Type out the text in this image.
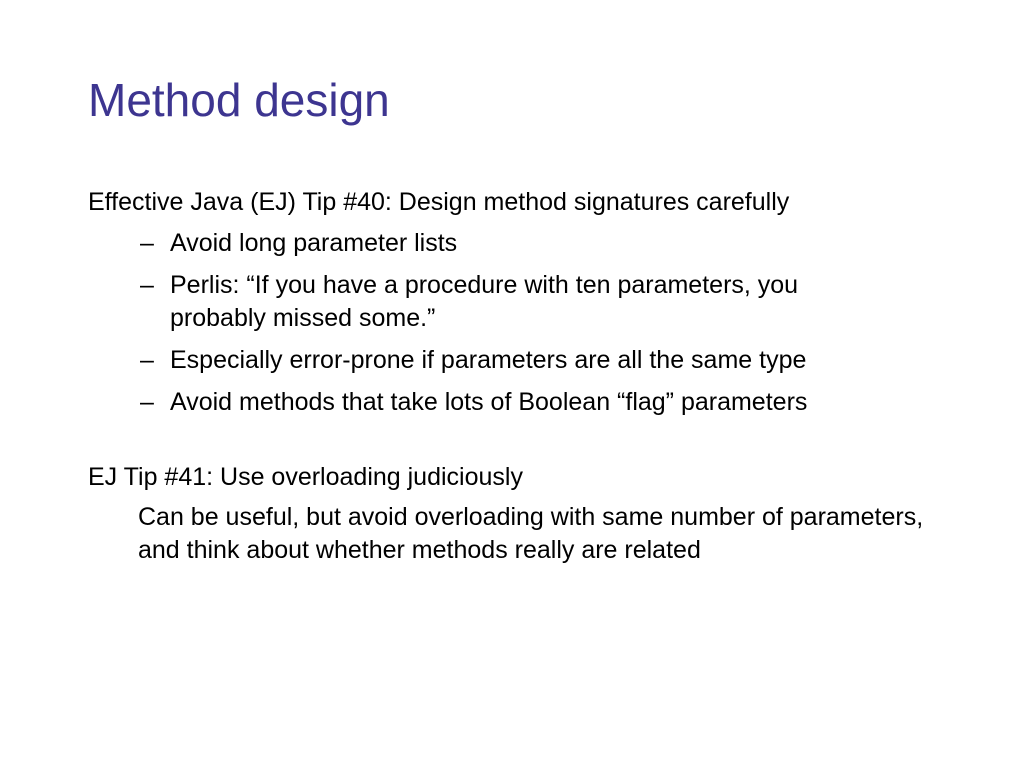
Method design
Effective Java (EJ) Tip #40: Design method signatures carefully
– Avoid long parameter lists
– Perlis: “If you have a procedure with ten parameters, you probably missed some.”
– Especially error-prone if parameters are all the same type
– Avoid methods that take lots of Boolean “flag” parameters
EJ Tip #41: Use overloading judiciously
Can be useful, but avoid overloading with same number of parameters, and think about whether methods really are related
